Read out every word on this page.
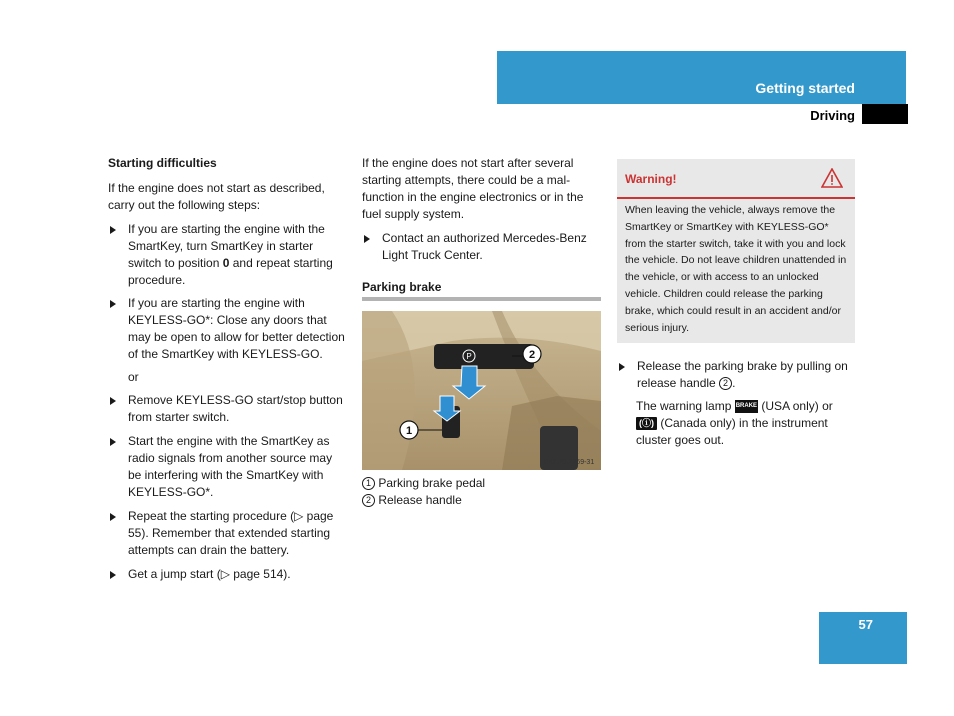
Getting started
Driving

Starting difficulties

If the engine does not start as described, carry out the following steps:

If you are starting the engine with the SmartKey, turn SmartKey in starter switch to position 0 and repeat starting procedure.
If you are starting the engine with KEYLESS-GO*: Close any doors that may be open to allow for better detection of the SmartKey with KEYLESS-GO.
or
Remove KEYLESS-GO start/stop button from starter switch.
Start the engine with the SmartKey as radio signals from another source may be interfering with the SmartKey with KEYLESS-GO*.
Repeat the starting procedure (▷ page 55). Remember that extended starting attempts can drain the battery.
Get a jump start (▷ page 514).

If the engine does not start after several starting attempts, there could be a mal-function in the engine electronics or in the fuel supply system.

Contact an authorized Mercedes-Benz Light Truck Center.
Parking brake
P	2
1
P42.20-2269-31
1 Parking brake pedal
2 Release handle
Warning!
When leaving the vehicle, always remove the SmartKey or SmartKey with KEYLESS-GO* from the starter switch, take it with you and lock the vehicle. Do not leave children unattended in the vehicle, or with access to an unlocked vehicle. Children could release the parking brake, which could result in an accident and/or serious injury.
Release the parking brake by pulling on release handle 2 .
The warning lamp BRAKE (USA only) or
(ⓘ) (Canada only) in the instrument cluster goes out.
57
